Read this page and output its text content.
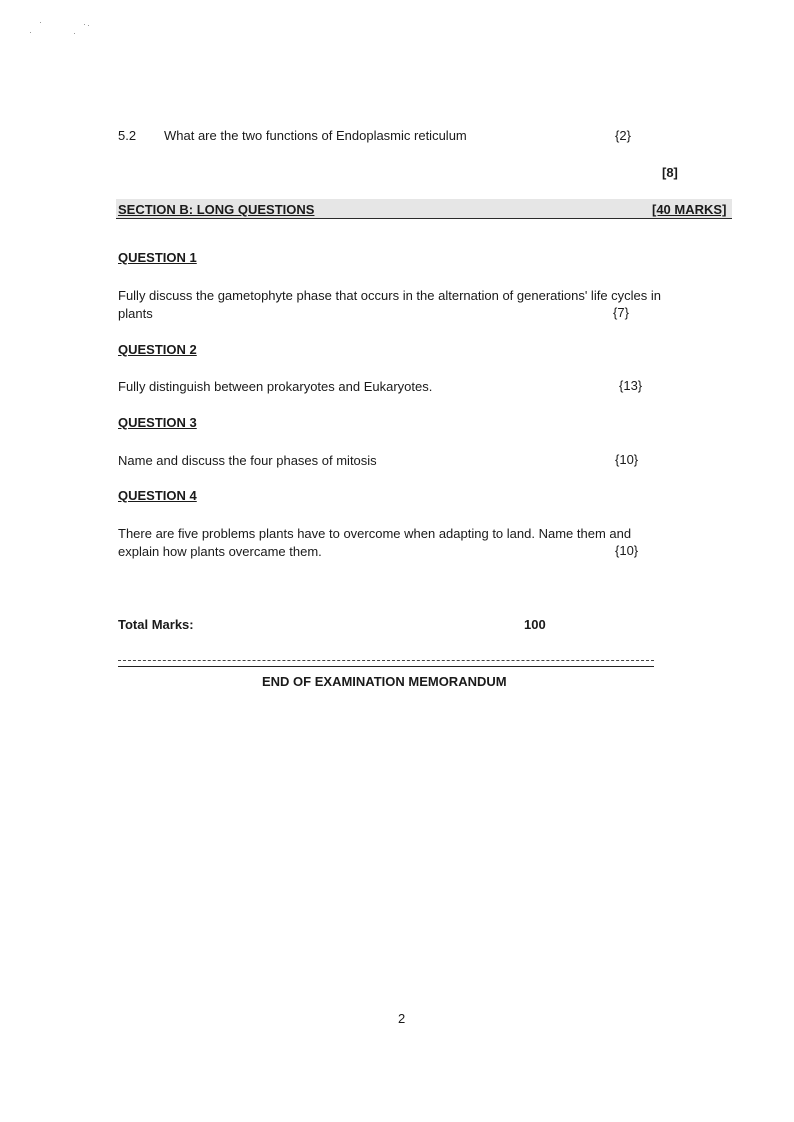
5.2 What are the two functions of Endoplasmic reticulum	{2}
[8]
SECTION B: LONG QUESTIONS	[40 MARKS]
QUESTION 1
Fully discuss the gametophyte phase that occurs in the alternation of generations' life cycles in
plants	{7}
QUESTION 2
Fully distinguish between prokaryotes and Eukaryotes.	{13}
QUESTION 3
Name and discuss the four phases of mitosis	{10}
QUESTION 4
There are five problems plants have to overcome when adapting to land. Name them and
explain how plants overcame them.	{10}
Total Marks:	100
END OF EXAMINATION MEMORANDUM
2
